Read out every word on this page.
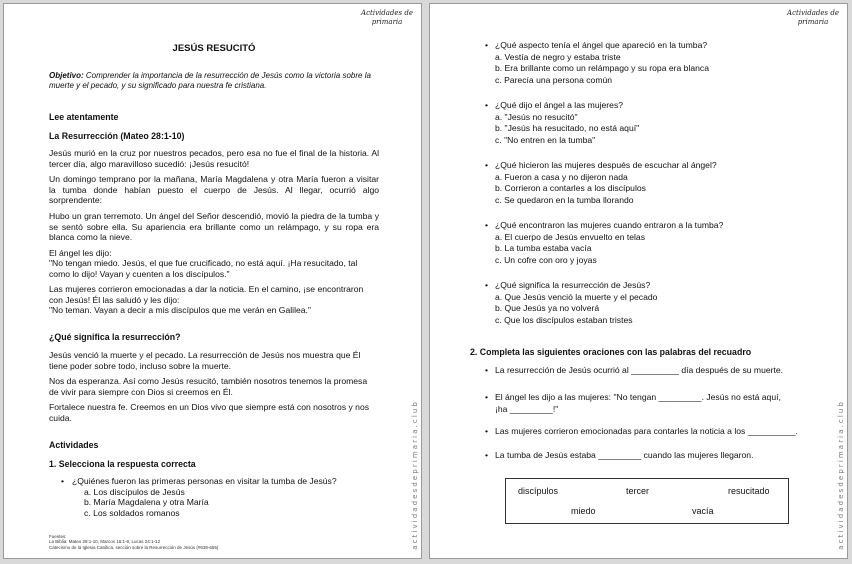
Actividades de
primaria
actividadesdeprimaria.club
JESÚS RESUCITÓ

Objetivo: Comprender la importancia de la resurrección de Jesús como la victoria sobre la muerte y el pecado, y su significado para nuestra fe cristiana.

Lee atentamente
La Resurrección (Mateo 28:1-10)

Jesús murió en la cruz por nuestros pecados, pero esa no fue el final de la historia. Al tercer día, algo maravilloso sucedió: ¡Jesús resucitó!

Un domingo temprano por la mañana, María Magdalena y otra María fueron a visitar la tumba donde habían puesto el cuerpo de Jesús. Al llegar, ocurrió algo sorprendente:

Hubo un gran terremoto. Un ángel del Señor descendió, movió la piedra de la tumba y se sentó sobre ella. Su apariencia era brillante como un relámpago, y su ropa era blanca como la nieve.

El ángel les dijo:

"No tengan miedo. Jesús, el que fue crucificado, no está aquí. ¡Ha resucitado, tal como lo dijo! Vayan y cuenten a los discípulos."

Las mujeres corrieron emocionadas a dar la noticia. En el camino, ¡se encontraron con Jesús! Él las saludó y les dijo:

"No teman. Vayan a decir a mis discípulos que me verán en Galilea."

¿Qué significa la resurrección?

Jesús venció la muerte y el pecado. La resurrección de Jesús nos muestra que Él tiene poder sobre todo, incluso sobre la muerte.

Nos da esperanza. Así como Jesús resucitó, también nosotros tenemos la promesa de vivir para siempre con Dios si creemos en Él.

Fortalece nuestra fe. Creemos en un Dios vivo que siempre está con nosotros y nos cuida.

Actividades
1. Selecciona la respuesta correcta
• ¿Quiénes fueron las primeras personas en visitar la tumba de Jesús?
a. Los discípulos de Jesús
b. María Magdalena y otra María
c. Los soldados romanos
Fuentes:
La Biblia: Mateo 28:1-10, Marcos 16:1-8, Lucas 24:1-12
Catecismo de la Iglesia Católica, sección sobre la Resurrección de Jesús (#638-655)
Actividades de
primaria
actividadesdeprimaria.club
• ¿Qué aspecto tenía el ángel que apareció en la tumba?
a. Vestía de negro y estaba triste
b. Era brillante como un relámpago y su ropa era blanca
c. Parecía una persona común
• ¿Qué dijo el ángel a las mujeres?
a. "Jesús no resucitó"
b. "Jesús ha resucitado, no está aquí"
c. "No entren en la tumba"
• ¿Qué hicieron las mujeres después de escuchar al ángel?
a. Fueron a casa y no dijeron nada
b. Corrieron a contarles a los discípulos
c. Se quedaron en la tumba llorando
• ¿Qué encontraron las mujeres cuando entraron a la tumba?
a. El cuerpo de Jesús envuelto en telas
b. La tumba estaba vacía
c. Un cofre con oro y joyas
• ¿Qué significa la resurrección de Jesús?
a. Que Jesús venció la muerte y el pecado
b. Que Jesús ya no volverá
c. Que los discípulos estaban tristes
2. Completa las siguientes oraciones con las palabras del recuadro
• La resurrección de Jesús ocurrió al __________ día después de su muerte.
• El ángel les dijo a las mujeres: "No tengan _________. Jesús no está aquí, ¡ha _________!"
• Las mujeres corrieron emocionadas para contarles la noticia a los __________.
• La tumba de Jesús estaba _________ cuando las mujeres llegaron.
discípulos	tercer	resucitado
miedo	vacía
